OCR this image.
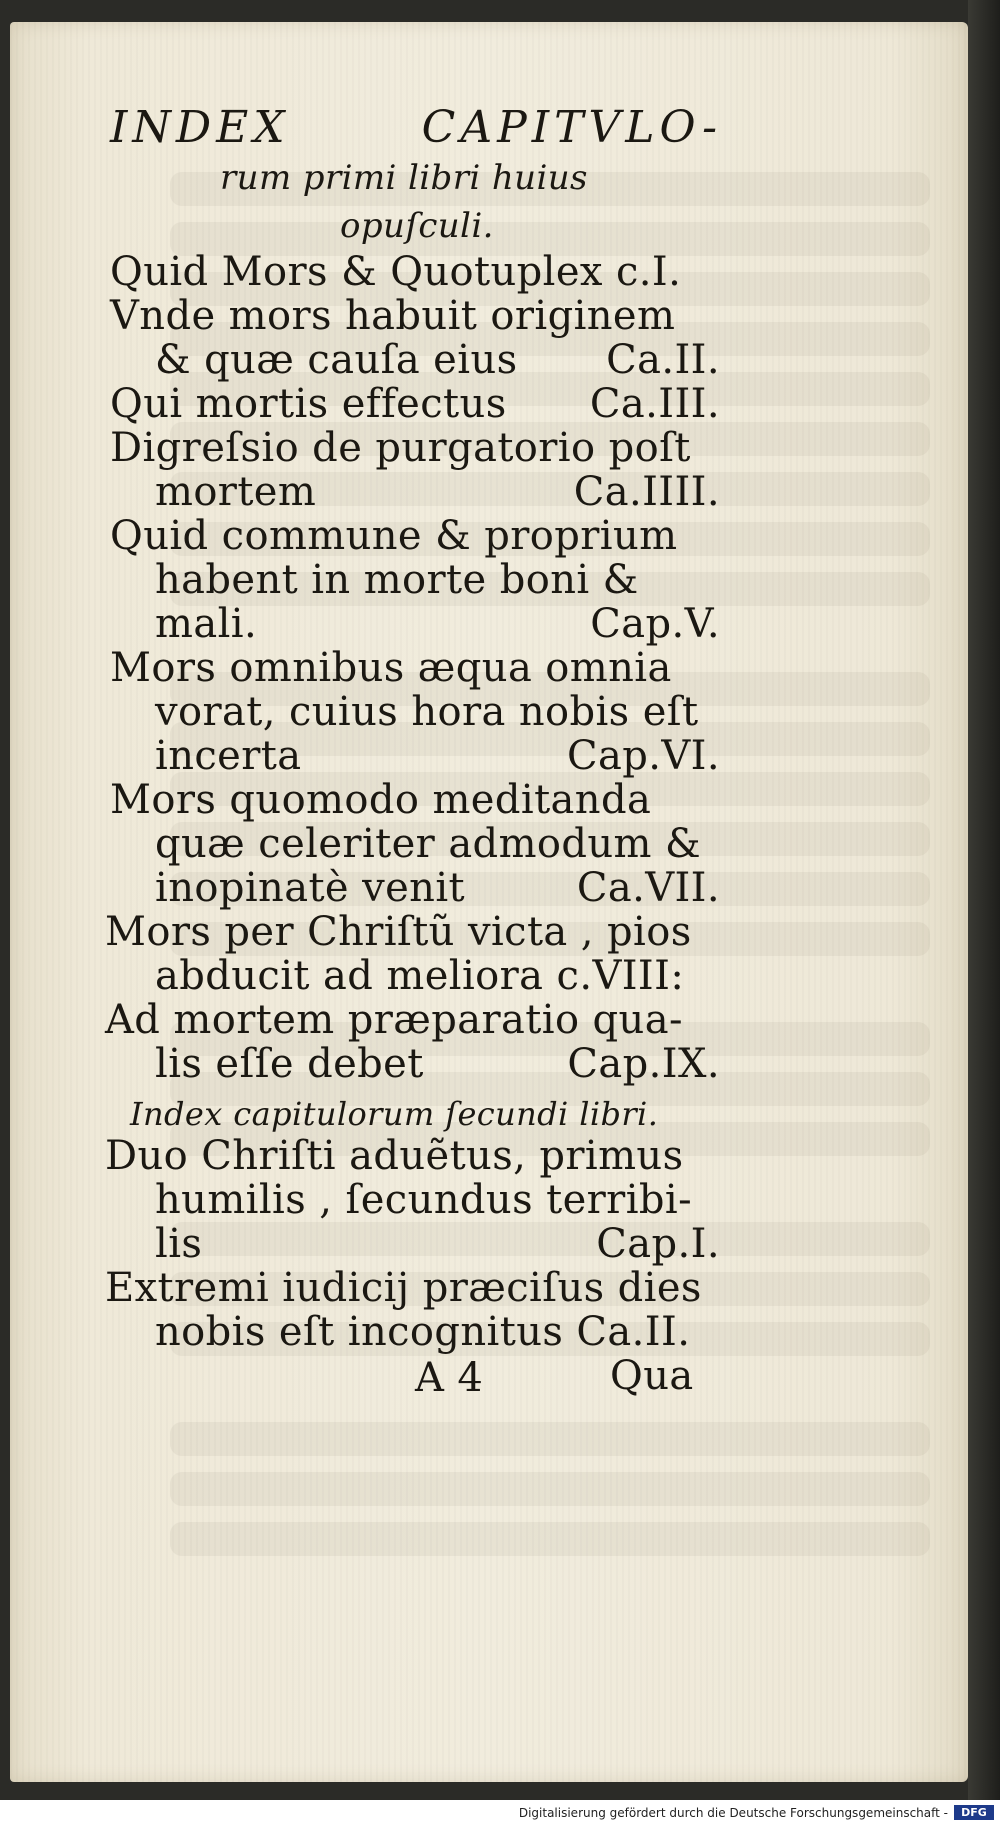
INDEX	CAPITVLO-
rum primi libri huius
opuſculi.
Quid Mors & Quotuplex c.I.
Vnde mors habuit originem
& quæ cauſa eius Ca.II.
Qui mortis effectus Ca.III.
Digreſsio de purgatorio poſt
mortem	Ca.IIII.
Quid commune & proprium
habent in morte boni &
mali.	Cap.V.
Mors omnibus æqua omnia
vorat, cuius hora nobis eſt
incerta	Cap.VI.
Mors quomodo meditanda
quæ celeriter admodum &
inopinatè venit	Ca.VII.
Mors per Chriſtũ victa , pios
abducit ad meliora c.VIII:
Ad mortem præparatio qua-
lis eſſe debet	Cap.IX.
Index capitulorum ſecundi libri.
Duo Chriſti aduẽtus, primus
humilis , ſecundus terribi-
lis	Cap.I.
Extremi iudicij præciſus dies
nobis eſt incognitus Ca.II.
A 4	Qua
Digitalisierung gefördert durch die Deutsche Forschungsgemeinschaft -	DFG
